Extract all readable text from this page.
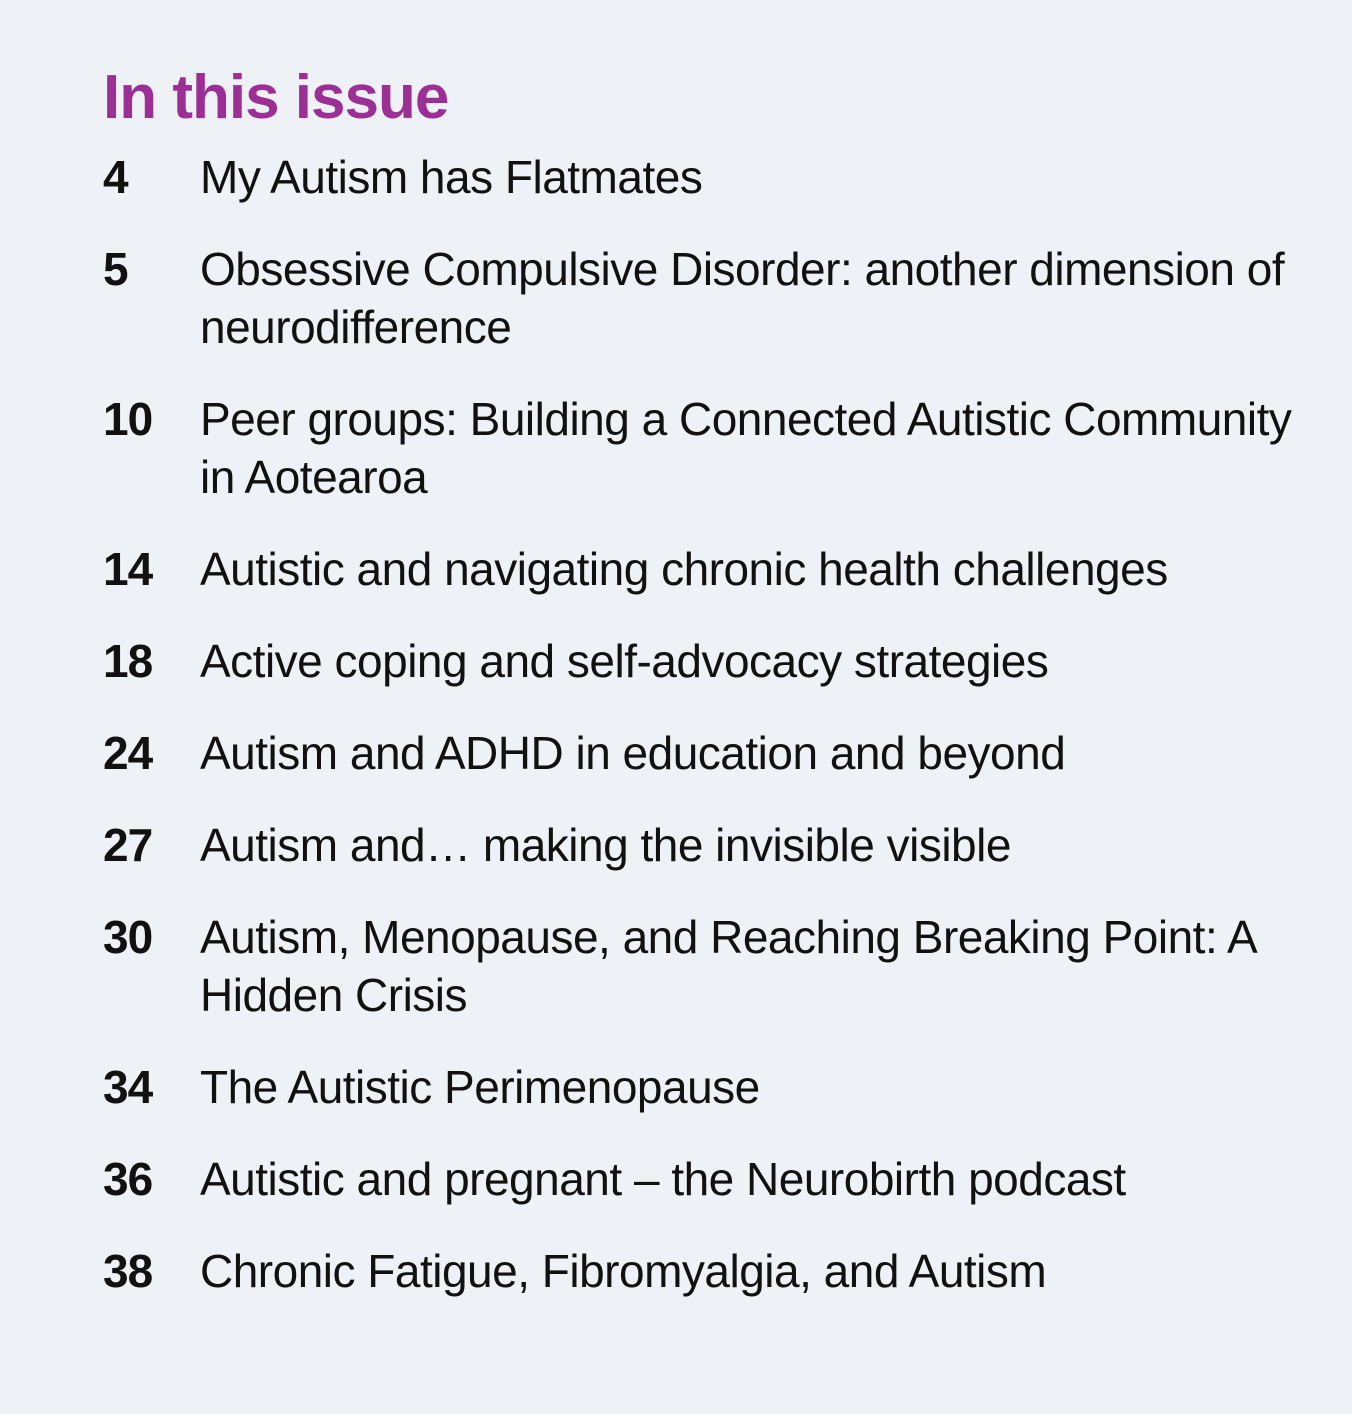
In this issue
4	My Autism has Flatmates
5	Obsessive Compulsive Disorder: another dimension of neurodifference
10	Peer groups: Building a Connected Autistic Community in Aotearoa
14	Autistic and navigating chronic health challenges
18	Active coping and self-advocacy strategies
24	Autism and ADHD in education and beyond
27	Autism and… making the invisible visible
30	Autism, Menopause, and Reaching Breaking Point: A Hidden Crisis
34	The Autistic Perimenopause
36	Autistic and pregnant – the Neurobirth podcast
38	Chronic Fatigue, Fibromyalgia, and Autism
